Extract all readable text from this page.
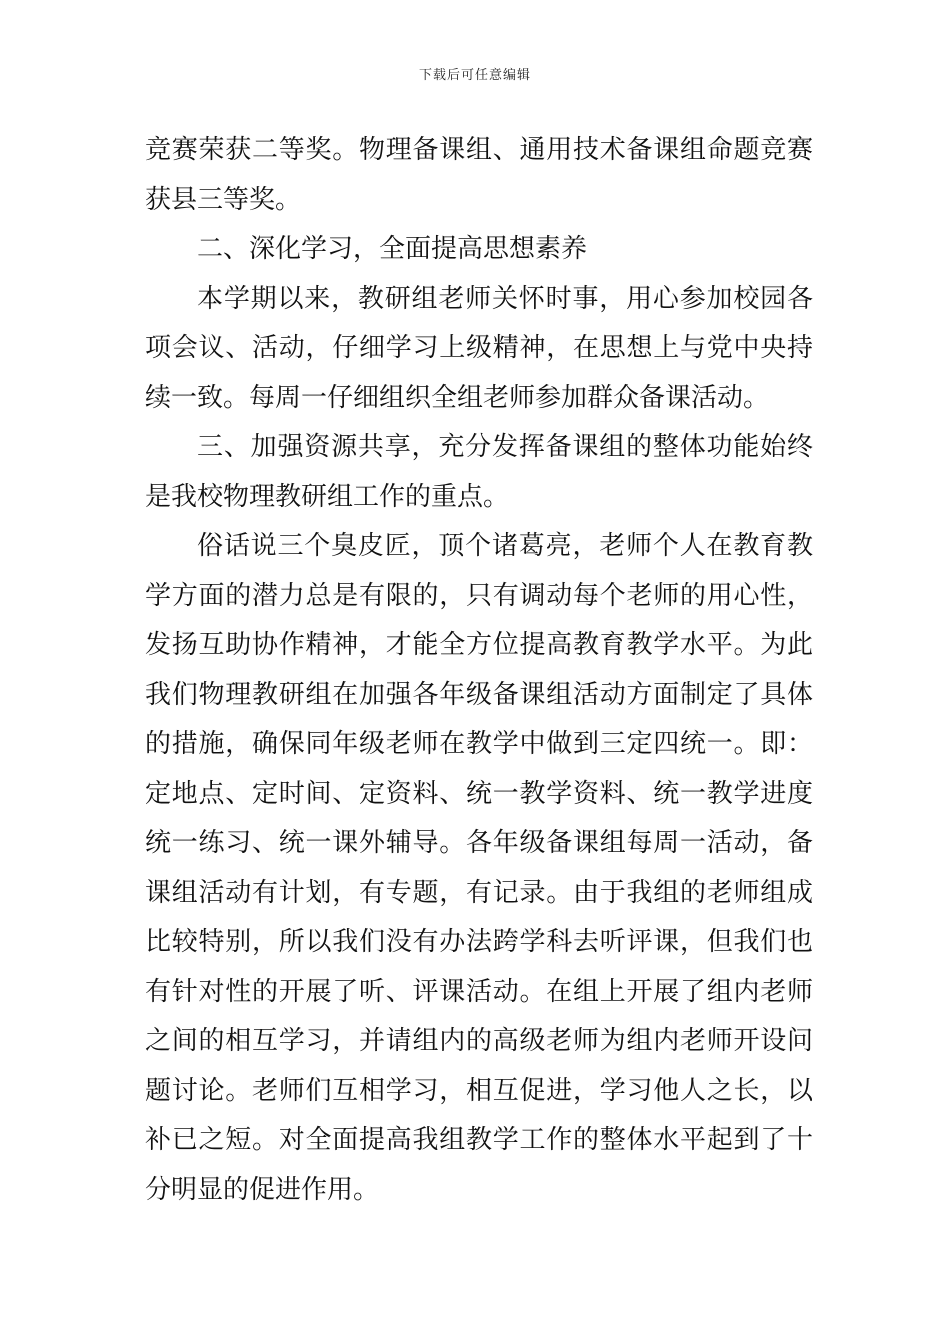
下载后可任意编辑

竞赛荣获二等奖。物理备课组、通用技术备课组命题竞赛获县三等奖。

二、深化学习，全面提高思想素养

本学期以来，教研组老师关怀时事，用心参加校园各项会议、活动，仔细学习上级精神，在思想上与党中央持续一致。每周一仔细组织全组老师参加群众备课活动。

三、加强资源共享，充分发挥备课组的整体功能始终是我校物理教研组工作的重点。

俗话说三个臭皮匠，顶个诸葛亮，老师个人在教育教学方面的潜力总是有限的，只有调动每个老师的用心性，发扬互助协作精神，才能全方位提高教育教学水平。为此我们物理教研组在加强各年级备课组活动方面制定了具体的措施，确保同年级老师在教学中做到三定四统一。即：定地点、定时间、定资料、统一教学资料、统一教学进度统一练习、统一课外辅导。各年级备课组每周一活动，备课组活动有计划，有专题，有记录。由于我组的老师组成比较特别，所以我们没有办法跨学科去听评课，但我们也有针对性的开展了听、评课活动。在组上开展了组内老师之间的相互学习，并请组内的高级老师为组内老师开设问题讨论。老师们互相学习，相互促进，学习他人之长，以补已之短。对全面提高我组教学工作的整体水平起到了十分明显的促进作用。
